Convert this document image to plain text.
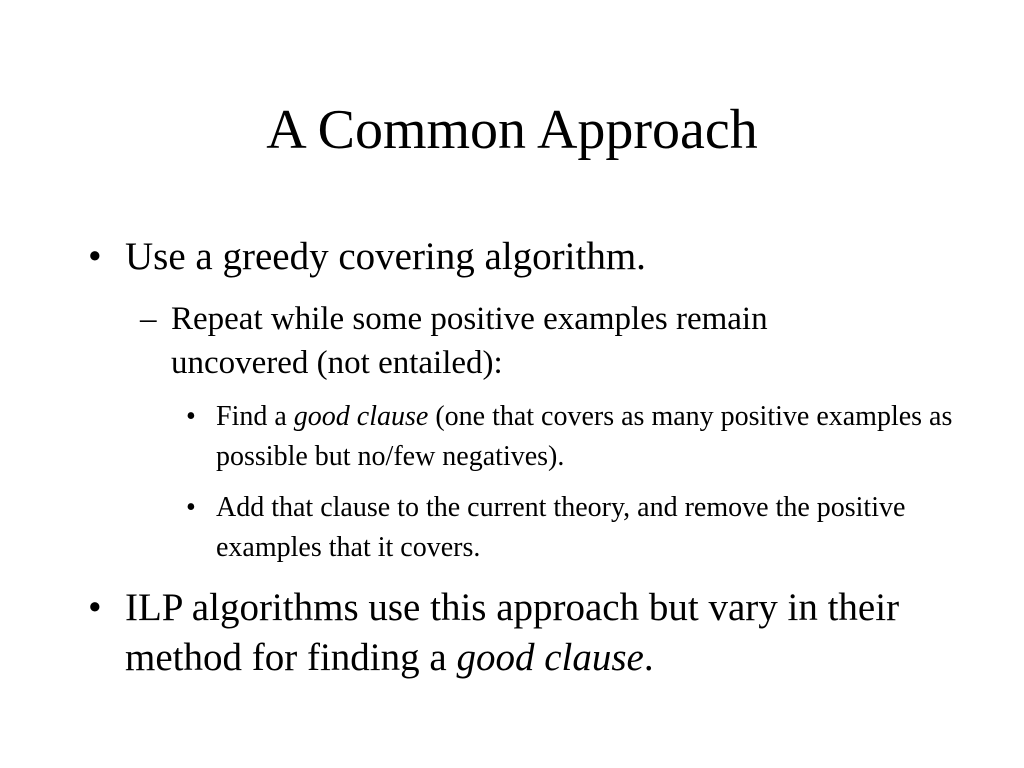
A Common Approach
• Use a greedy covering algorithm.
– Repeat while some positive examples remain uncovered (not entailed):
• Find a good clause (one that covers as many positive examples as possible but no/few negatives).
• Add that clause to the current theory, and remove the positive examples that it covers.
• ILP algorithms use this approach but vary in their method for finding a good clause.
